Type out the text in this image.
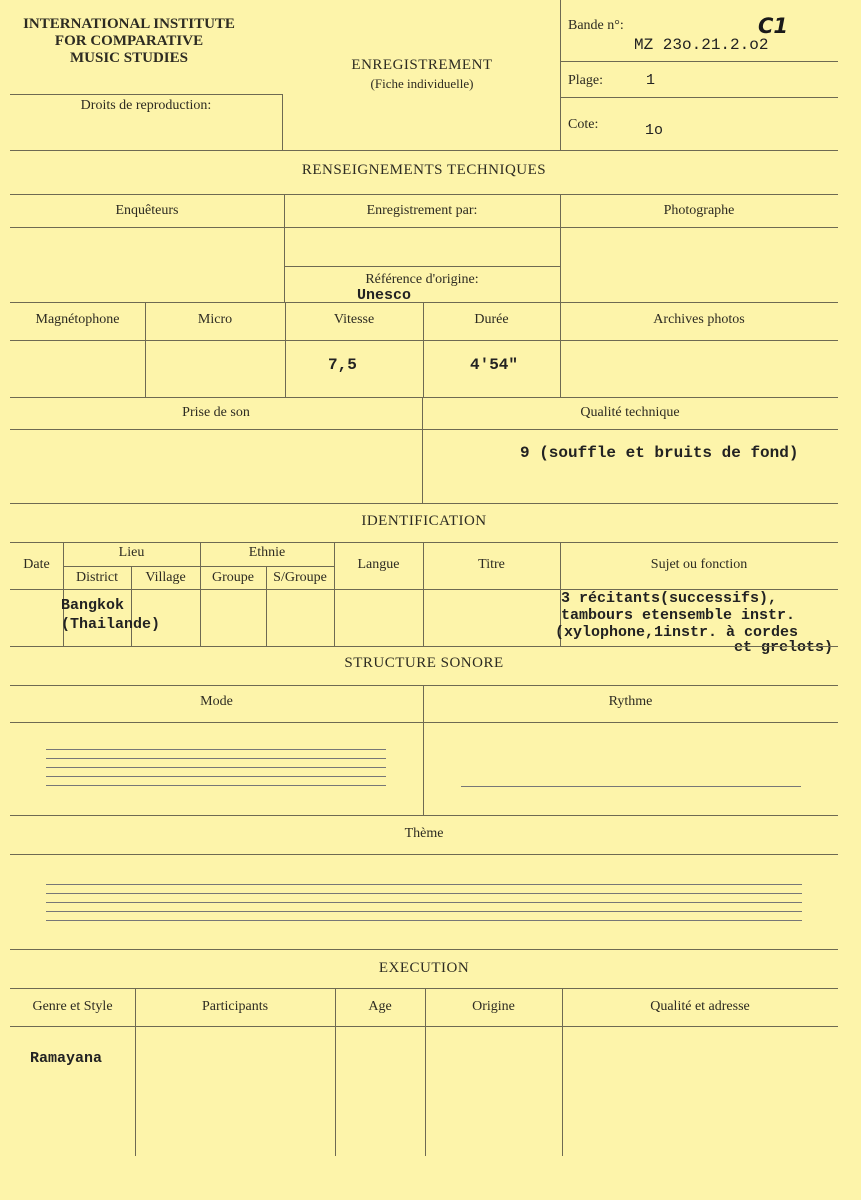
INTERNATIONAL INSTITUTE
FOR COMPARATIVE
MUSIC STUDIES
Droits de reproduction:
ENREGISTREMENT
(Fiche individuelle)
Bande n°:	C1
MZ 23o.21.2.o2
Plage:	1
Cote:	1o
RENSEIGNEMENTS TECHNIQUES
Enquêteurs	Enregistrement par:	Photographe
Référence d'origine:
Unesco
Magnétophone	Micro	Vitesse	Durée	Archives photos
7,5	4'54"
Prise de son	Qualité technique
9 (souffle et bruits de fond)
IDENTIFICATION
Date
Lieu	Ethnie
District	Village	Groupe	S/Groupe
Langue	Titre	Sujet ou fonction
Bangkok
(Thailande)
3 récitants(successifs),
tambours etensemble instr.
(xylophone,1instr. à cordes
et grelots)
STRUCTURE SONORE
Mode	Rythme
Thème
EXECUTION
Genre et Style	Participants	Age	Origine	Qualité et adresse
Ramayana
